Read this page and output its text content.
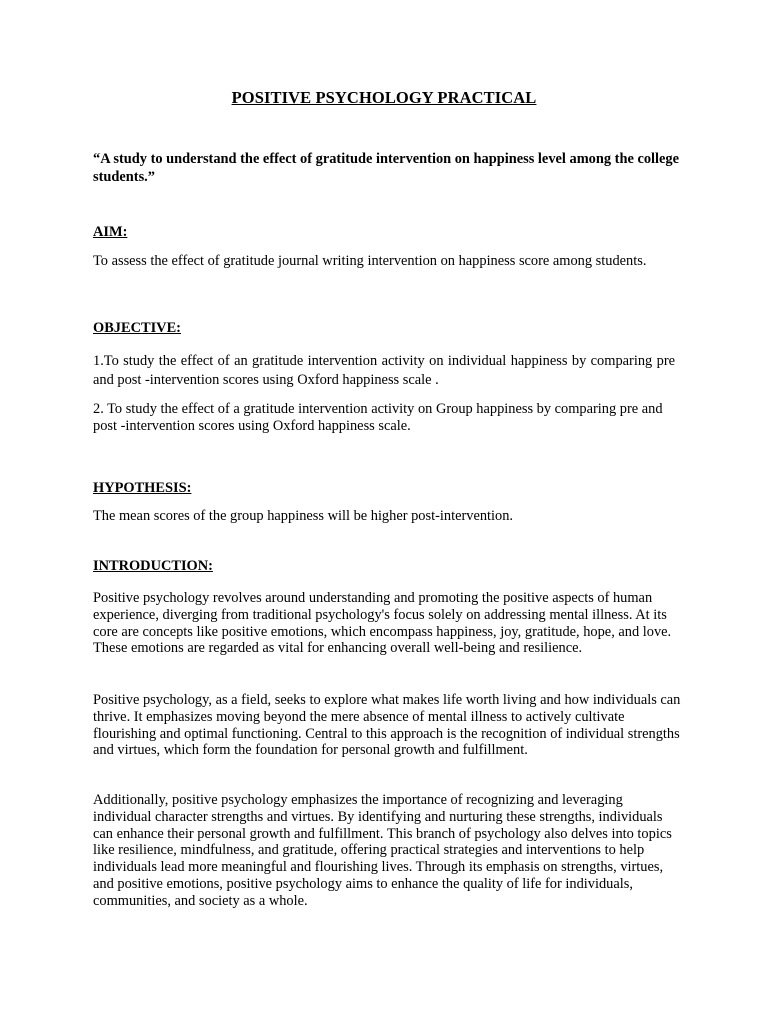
POSITIVE PSYCHOLOGY PRACTICAL

“A study to understand the effect of gratitude intervention on happiness level among the college students.”

AIM:

To assess the effect of gratitude journal writing intervention on happiness score among students.

OBJECTIVE:

1.To study the effect of an gratitude intervention activity on individual happiness by comparing pre and post -intervention scores using Oxford happiness scale .

2. To study the effect of a gratitude intervention activity on Group happiness by comparing pre and post -intervention scores using Oxford happiness scale.

HYPOTHESIS:

The mean scores of the group happiness will be higher post-intervention.

INTRODUCTION:

Positive psychology revolves around understanding and promoting the positive aspects of human experience, diverging from traditional psychology's focus solely on addressing mental illness. At its core are concepts like positive emotions, which encompass happiness, joy, gratitude, hope, and love. These emotions are regarded as vital for enhancing overall well-being and resilience.

Positive psychology, as a field, seeks to explore what makes life worth living and how individuals can thrive. It emphasizes moving beyond the mere absence of mental illness to actively cultivate flourishing and optimal functioning. Central to this approach is the recognition of individual strengths and virtues, which form the foundation for personal growth and fulfillment.

Additionally, positive psychology emphasizes the importance of recognizing and leveraging individual character strengths and virtues. By identifying and nurturing these strengths, individuals can enhance their personal growth and fulfillment. This branch of psychology also delves into topics like resilience, mindfulness, and gratitude, offering practical strategies and interventions to help individuals lead more meaningful and flourishing lives. Through its emphasis on strengths, virtues, and positive emotions, positive psychology aims to enhance the quality of life for individuals, communities, and society as a whole.
